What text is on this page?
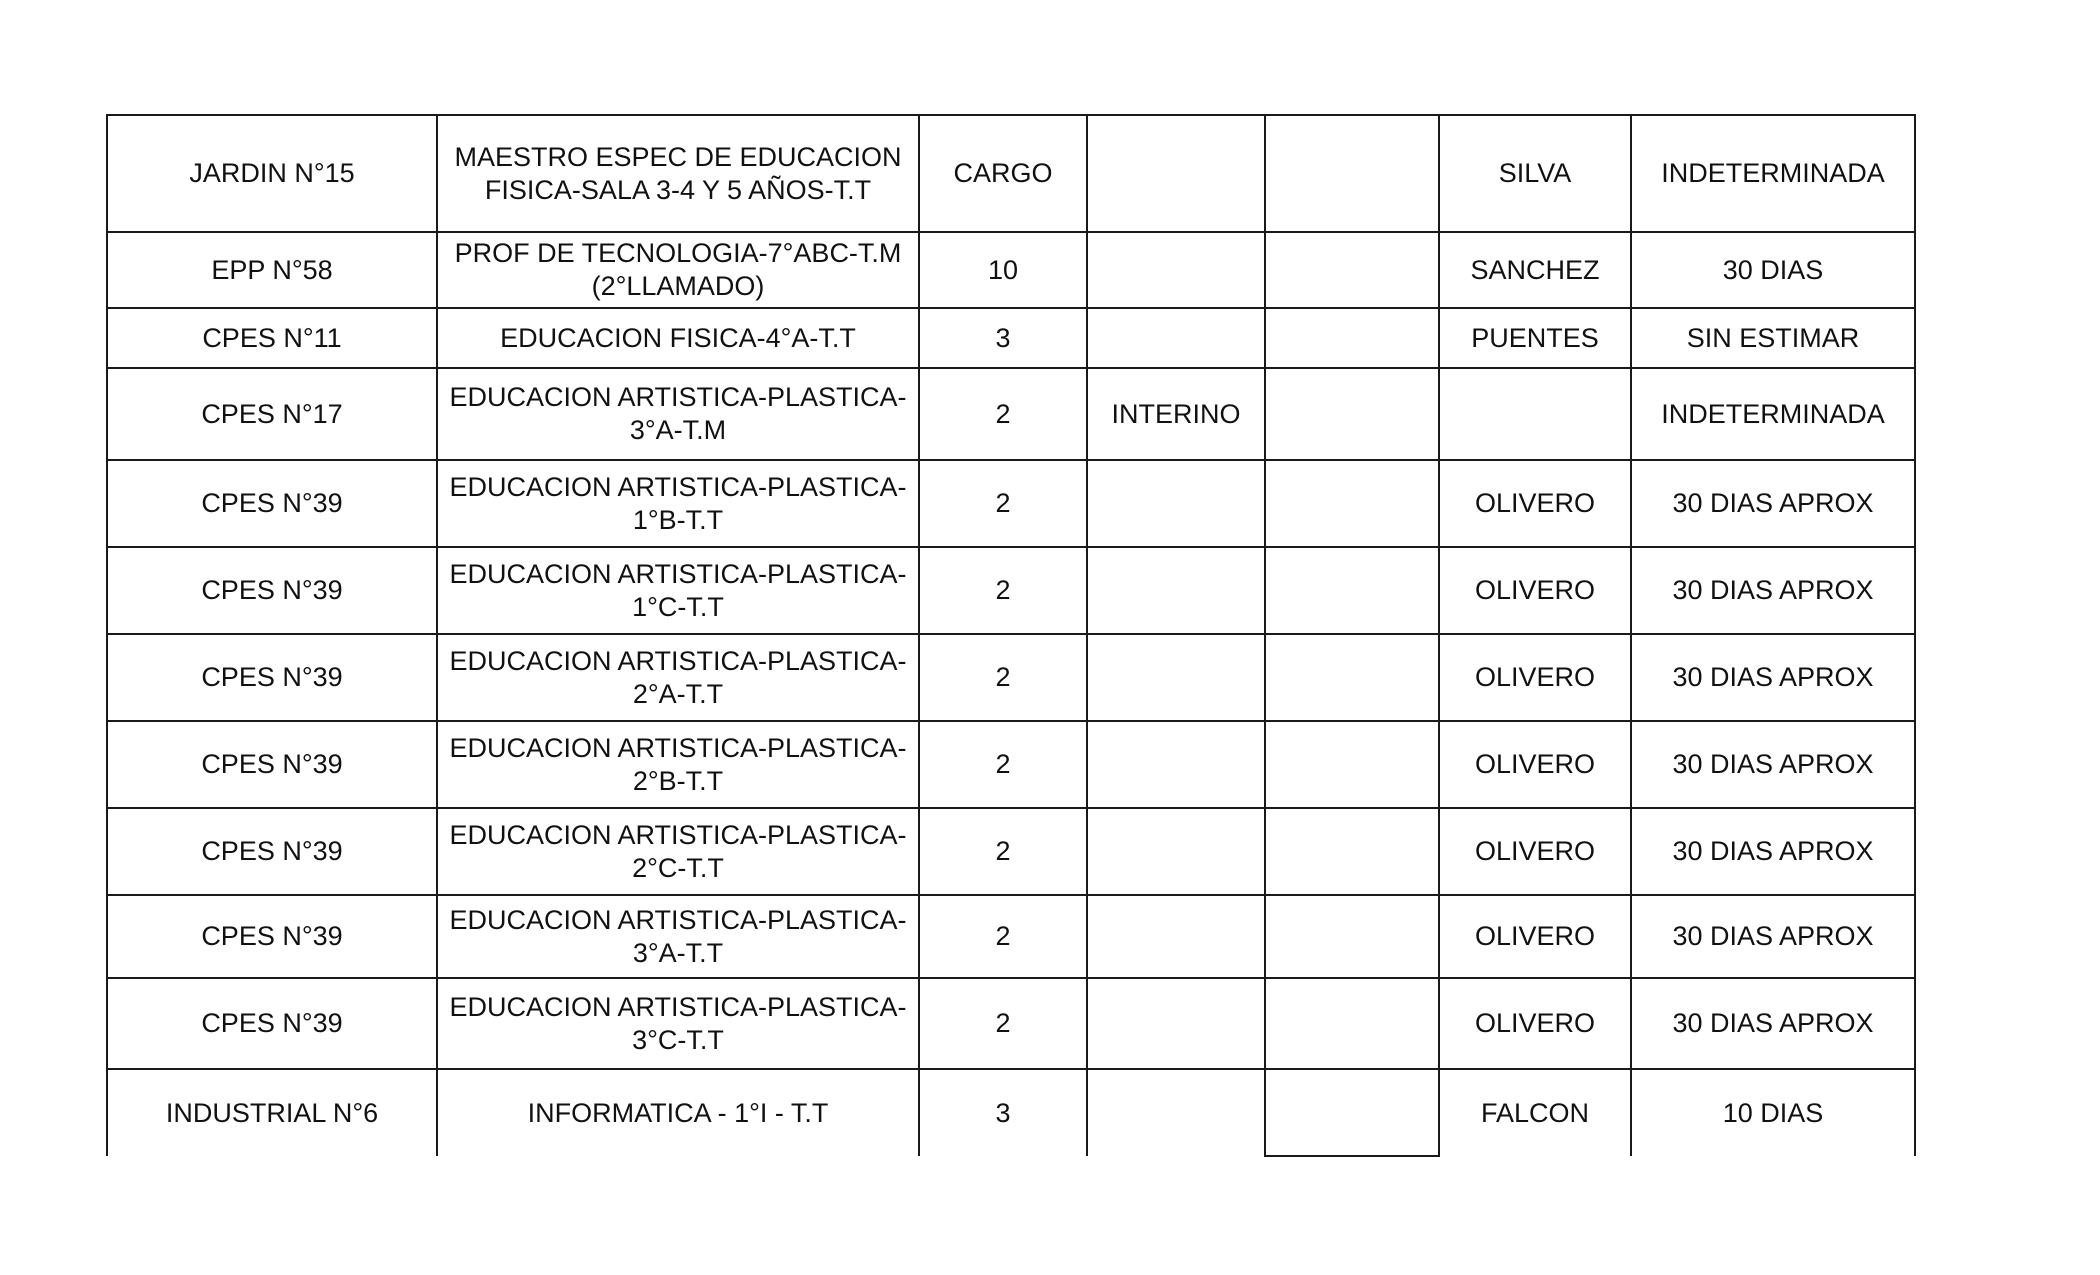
JARDIN N°15	MAESTRO ESPEC DE EDUCACION FISICA-SALA 3-4 Y 5 AÑOS-T.T	CARGO			SILVA	INDETERMINADA
EPP N°58	PROF DE TECNOLOGIA-7°ABC-T.M (2°LLAMADO)	10			SANCHEZ	30 DIAS
CPES N°11	EDUCACION FISICA-4°A-T.T	3			PUENTES	SIN ESTIMAR
CPES N°17	EDUCACION ARTISTICA-PLASTICA-3°A-T.M	2	INTERINO			INDETERMINADA
CPES N°39	EDUCACION ARTISTICA-PLASTICA-1°B-T.T	2			OLIVERO	30 DIAS APROX
CPES N°39	EDUCACION ARTISTICA-PLASTICA-1°C-T.T	2			OLIVERO	30 DIAS APROX
CPES N°39	EDUCACION ARTISTICA-PLASTICA-2°A-T.T	2			OLIVERO	30 DIAS APROX
CPES N°39	EDUCACION ARTISTICA-PLASTICA-2°B-T.T	2			OLIVERO	30 DIAS APROX
CPES N°39	EDUCACION ARTISTICA-PLASTICA-2°C-T.T	2			OLIVERO	30 DIAS APROX
CPES N°39	EDUCACION ARTISTICA-PLASTICA-3°A-T.T	2			OLIVERO	30 DIAS APROX
CPES N°39	EDUCACION ARTISTICA-PLASTICA-3°C-T.T	2			OLIVERO	30 DIAS APROX
INDUSTRIAL N°6	INFORMATICA - 1°I - T.T	3			FALCON	10 DIAS
